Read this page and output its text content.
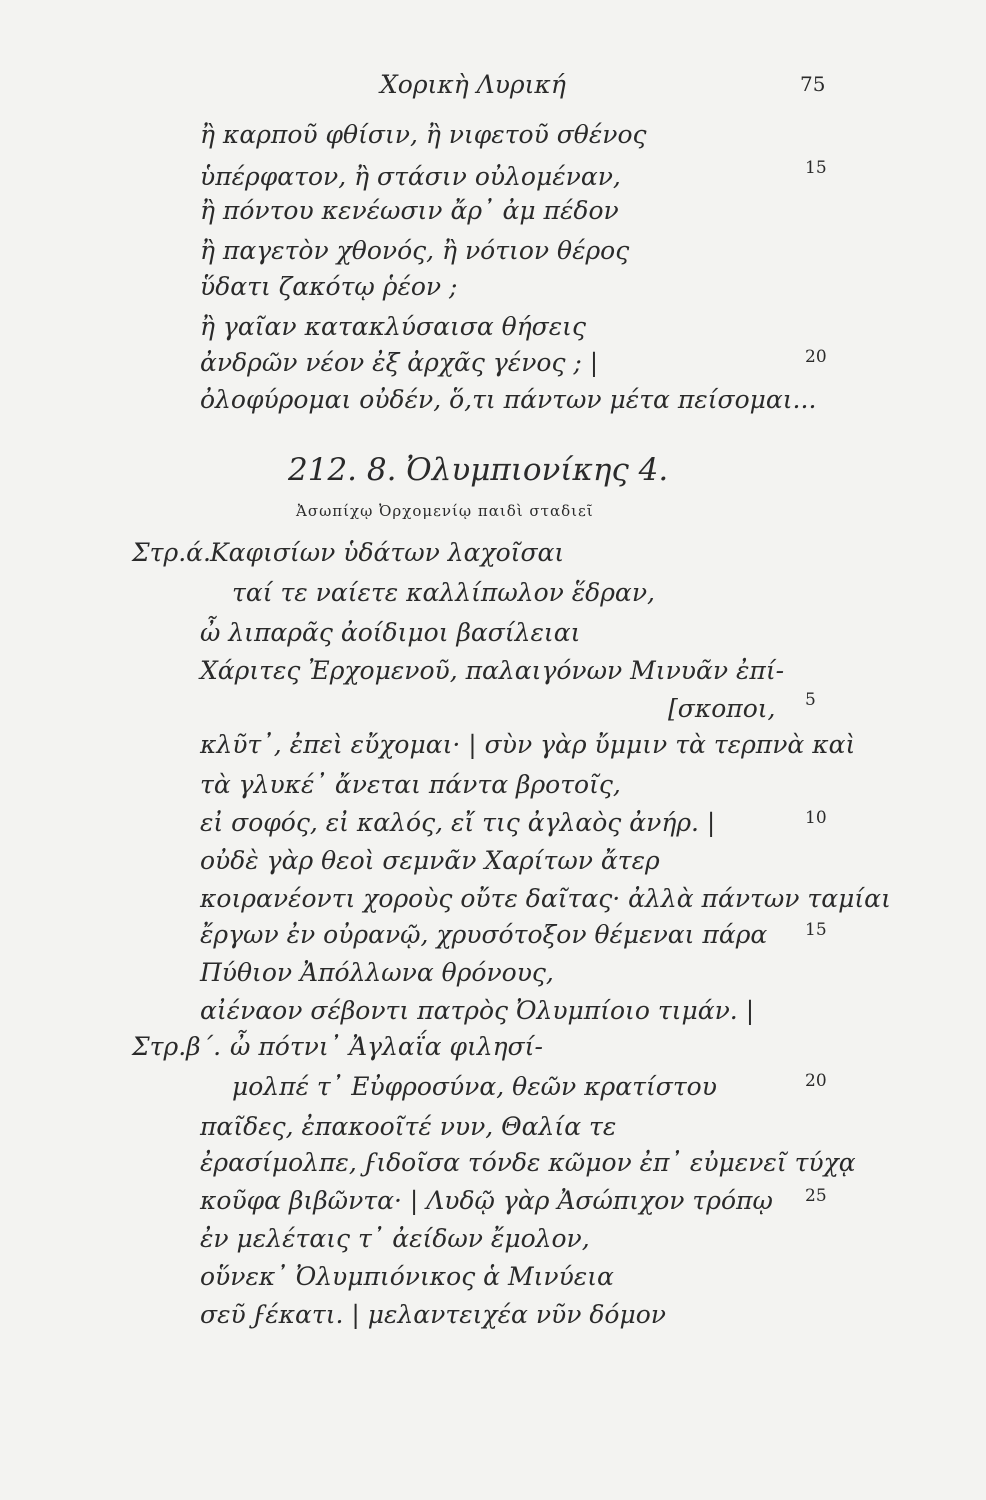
Χορικὴ Λυρική	75
ἢ καρποῦ φθίσιν, ἢ νιφετοῦ σθένος
ὑπέρφατον, ἢ στάσιν οὐλομέναν,	15
ἢ πόντου κενέωσιν ἄρ᾿ ἀμ πέδον
ἢ παγετὸν χθονός, ἢ νότιον θέρος
ὕδατι ζακότῳ ῥέον ;
ἢ γαῖαν κατακλύσαισα θήσεις
ἀνδρῶν νέον ἐξ ἀρχᾶς γένος ; |	20
ὀλοφύρομαι οὐδέν, ὅ,τι πάντων μέτα πείσομαι...
212. 8. Ὀλυμπιονίκης 4.
Ἀσωπίχῳ Ὀρχομενίῳ παιδὶ σταδιεῖ
Στρ.ά. Καφισίων ὑδάτων λαχοῖσαι
ταί τε ναίετε καλλίπωλον ἕδραν,
ὦ λιπαρᾶς ἀοίδιμοι βασίλειαι
Χάριτες Ἐρχομενοῦ, παλαιγόνων Μινυᾶν ἐπί-
[σκοποι, 5
κλῦτ᾿, ἐπεὶ εὔχομαι· | σὺν γὰρ ὔμμιν τὰ τερπνὰ καὶ
τὰ γλυκέ᾿ ἄνεται πάντα βροτοῖς,
εἰ σοφός, εἰ καλός, εἴ τις ἀγλαὸς ἀνήρ. |	10
οὐδὲ γὰρ θεοὶ σεμνᾶν Χαρίτων ἄτερ
κοιρανέοντι χοροὺς οὔτε δαῖτας· ἀλλὰ πάντων ταμίαι
ἔργων ἐν οὐρανῷ, χρυσότοξον θέμεναι πάρα 15
Πύθιον Ἀπόλλωνα θρόνους,
αἰέναον σέβοντι πατρὸς Ὀλυμπίοιο τιμάν. |
Στρ.β΄. ὦ πότνι᾿ Ἀγλαΐα φιλησί-
μολπέ τ᾿ Εὐφροσύνα, θεῶν κρατίστου	20
παῖδες, ἐπακοοῖτέ νυν, Θαλία τε
ἐρασίμολπε, ϝιδοῖσα τόνδε κῶμον ἐπ᾿ εὐμενεῖ τύχᾳ
κοῦφα βιβῶντα· | Λυδῷ γὰρ Ἀσώπιχον τρόπῳ 25
ἐν μελέταις τ᾿ ἀείδων ἔμολον,
οὕνεκ᾿ Ὀλυμπιόνικος ἁ Μινύεια
σεῦ ϝέκατι. | μελαντειχέα νῦν δόμον
